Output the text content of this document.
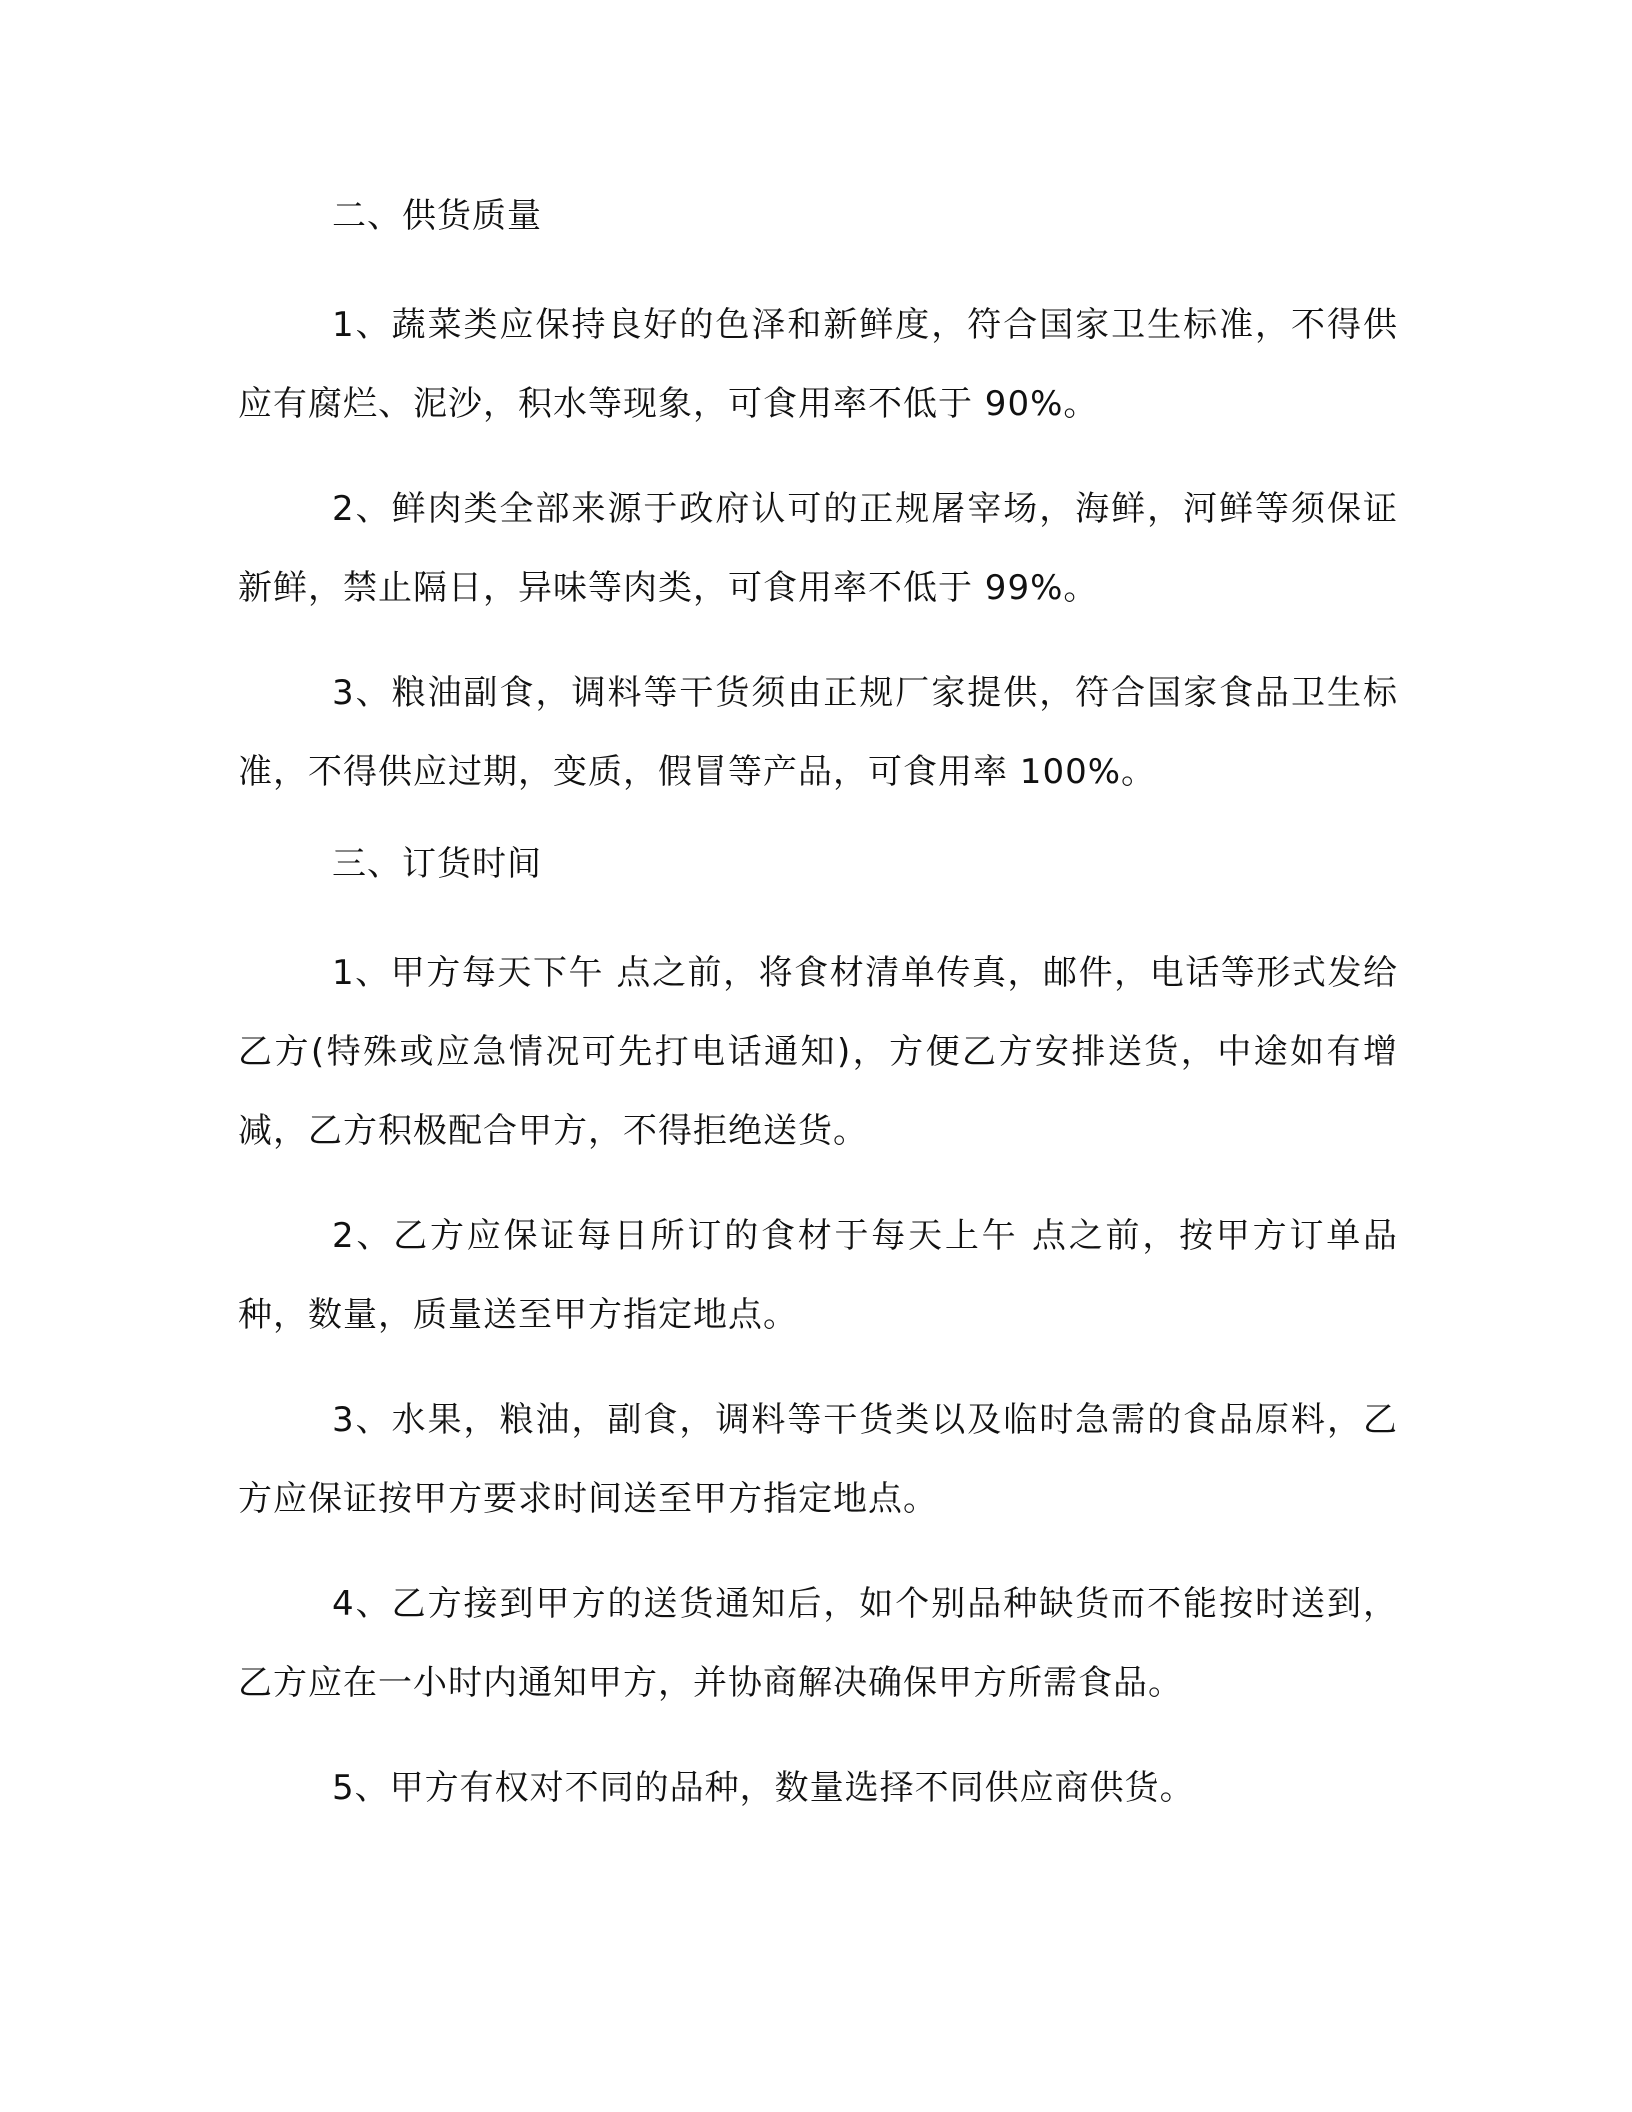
二、供货质量

1、蔬菜类应保持良好的色泽和新鲜度，符合国家卫生标准，不得供应有腐烂、泥沙，积水等现象，可食用率不低于 90%。

2、鲜肉类全部来源于政府认可的正规屠宰场，海鲜，河鲜等须保证新鲜，禁止隔日，异味等肉类，可食用率不低于 99%。

3、粮油副食，调料等干货须由正规厂家提供，符合国家食品卫生标准，不得供应过期，变质，假冒等产品，可食用率 100%。

三、订货时间

1、甲方每天下午 点之前，将食材清单传真，邮件，电话等形式发给乙方(特殊或应急情况可先打电话通知)，方便乙方安排送货，中途如有增减，乙方积极配合甲方，不得拒绝送货。

2、乙方应保证每日所订的食材于每天上午 点之前，按甲方订单品种，数量，质量送至甲方指定地点。

3、水果，粮油，副食，调料等干货类以及临时急需的食品原料，乙方应保证按甲方要求时间送至甲方指定地点。

4、乙方接到甲方的送货通知后，如个别品种缺货而不能按时送到，乙方应在一小时内通知甲方，并协商解决确保甲方所需食品。

5、甲方有权对不同的品种，数量选择不同供应商供货。
